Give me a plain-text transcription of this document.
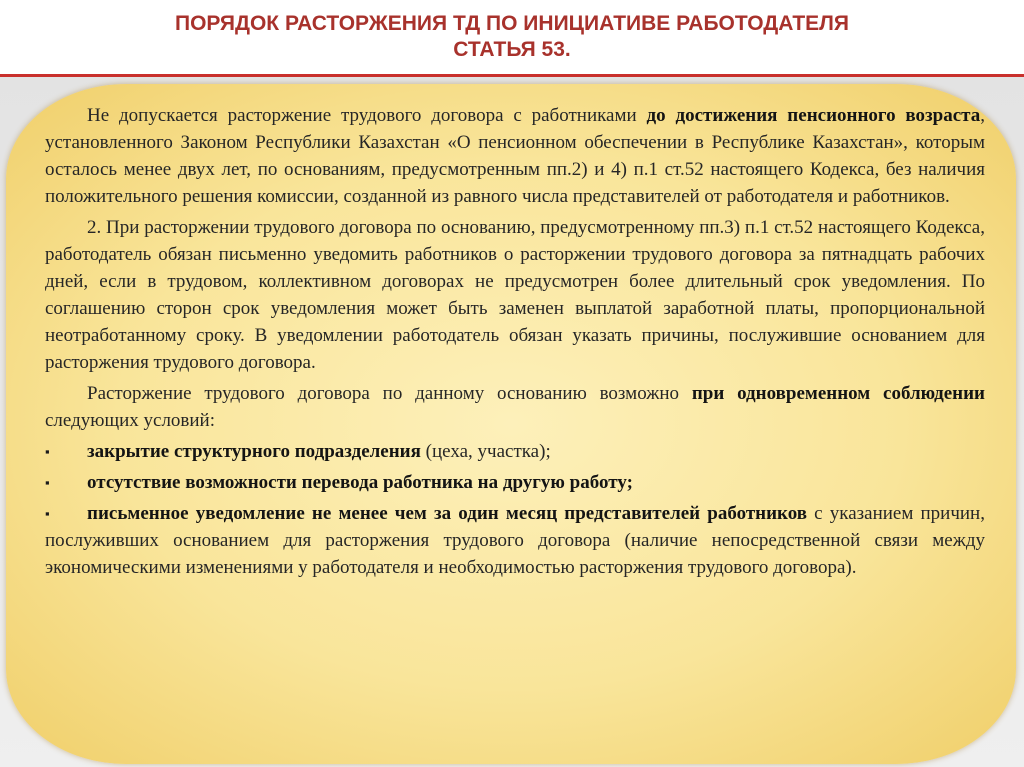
ПОРЯДОК РАСТОРЖЕНИЯ ТД ПО ИНИЦИАТИВЕ РАБОТОДАТЕЛЯ
СТАТЬЯ 53.

Не допускается расторжение трудового договора с работниками до достижения пенсионного возраста, установленного Законом Республики Казахстан «О пенсионном обеспечении в Республике Казахстан», которым осталось менее двух лет, по основаниям, предусмотренным пп.2) и 4) п.1 ст.52 настоящего Кодекса, без наличия положительного решения комиссии, созданной из равного числа представителей от работодателя и работников.

2. При расторжении трудового договора по основанию, предусмотренному пп.3) п.1 ст.52 настоящего Кодекса, работодатель обязан письменно уведомить работников о расторжении трудового договора за пятнадцать рабочих дней, если в трудовом, коллективном договорах не предусмотрен более длительный срок уведомления. По соглашению сторон срок уведомления может быть заменен выплатой заработной платы, пропорциональной неотработанному сроку. В уведомлении работодатель обязан указать причины, послужившие основанием для расторжения трудового договора.

Расторжение трудового договора по данному основанию возможно при одновременном соблюдении следующих условий:

▪ закрытие структурного подразделения (цеха, участка);

▪ отсутствие возможности перевода работника на другую работу;

▪ письменное уведомление не менее чем за один месяц представителей работников с указанием причин, послуживших основанием для расторжения трудового договора (наличие непосредственной связи между экономическими изменениями у работодателя и необходимостью расторжения трудового договора).
